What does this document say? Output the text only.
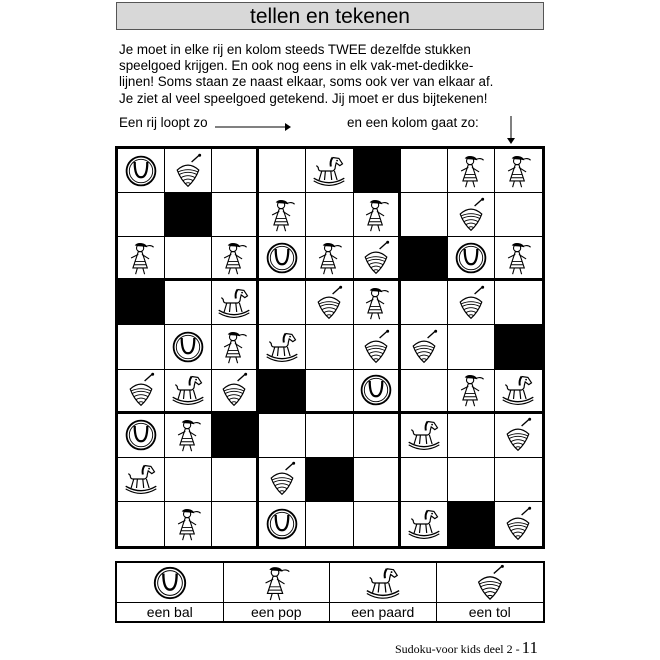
tellen en tekenen
Je moet in elke rij en kolom steeds TWEE dezelfde stukken
speelgoed krijgen. En ook nog eens in elk vak-met-dedikke-
lijnen! Soms staan ze naast elkaar, soms ook ver van elkaar af.
Je ziet al veel speelgoed getekend. Jij moet er dus bijtekenen!
Een rij loopt zo	en een kolom gaat zo:
een bal	een pop	een paard	een tol
Sudoku-voor kids deel 2 - 11
